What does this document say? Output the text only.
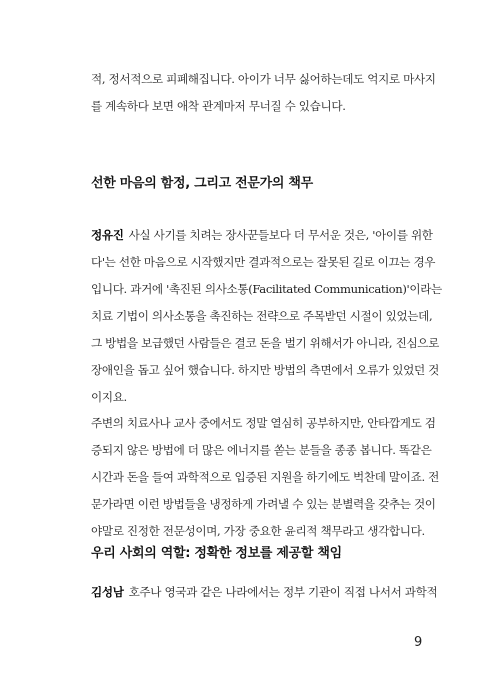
적, 정서적으로 피폐해집니다. 아이가 너무 싫어하는데도 억지로 마사지
를 계속하다 보면 애착 관계마저 무너질 수 있습니다.
선한 마음의 함정, 그리고 전문가의 책무
정유진 사실 사기를 치려는 장사꾼들보다 더 무서운 것은, '아이를 위한
다'는 선한 마음으로 시작했지만 결과적으로는 잘못된 길로 이끄는 경우
입니다. 과거에 '촉진된 의사소통(Facilitated Communication)'이라는
치료 기법이 의사소통을 촉진하는 전략으로 주목받던 시절이 있었는데,
그 방법을 보급했던 사람들은 결코 돈을 벌기 위해서가 아니라, 진심으로
장애인을 돕고 싶어 했습니다. 하지만 방법의 측면에서 오류가 있었던 것
이지요.
주변의 치료사나 교사 중에서도 정말 열심히 공부하지만, 안타깝게도 검
증되지 않은 방법에 더 많은 에너지를 쏟는 분들을 종종 봅니다. 똑같은
시간과 돈을 들여 과학적으로 입증된 지원을 하기에도 벅찬데 말이죠. 전
문가라면 이런 방법들을 냉정하게 가려낼 수 있는 분별력을 갖추는 것이
야말로 진정한 전문성이며, 가장 중요한 윤리적 책무라고 생각합니다.
우리 사회의 역할: 정확한 정보를 제공할 책임
김성남 호주나 영국과 같은 나라에서는 정부 기관이 직접 나서서 과학적
9
